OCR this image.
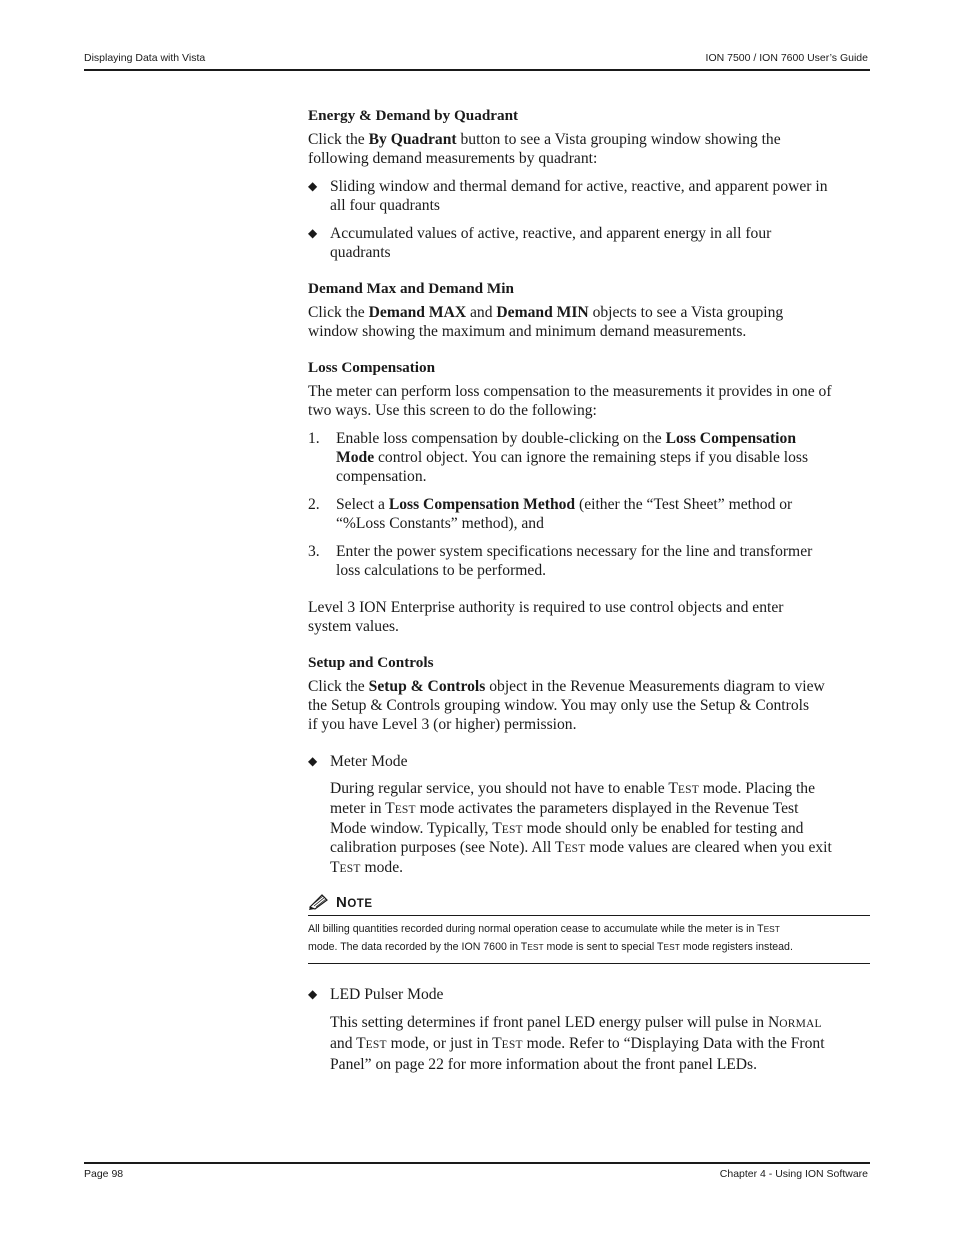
Displaying Data with Vista	ION 7500 / ION 7600 User’s Guide
Energy & Demand by Quadrant

Click the By Quadrant button to see a Vista grouping window showing the
following demand measurements by quadrant:

◆ Sliding window and thermal demand for active, reactive, and apparent power in
all four quadrants
◆ Accumulated values of active, reactive, and apparent energy in all four
quadrants
Demand Max and Demand Min

Click the Demand MAX and Demand MIN objects to see a Vista grouping
window showing the maximum and minimum demand measurements.

Loss Compensation

The meter can perform loss compensation to the measurements it provides in one of
two ways. Use this screen to do the following:

1. Enable loss compensation by double-clicking on the Loss Compensation
Mode control object. You can ignore the remaining steps if you disable loss
compensation.
2. Select a Loss Compensation Method (either the “Test Sheet” method or
“%Loss Constants” method), and
3. Enter the power system specifications necessary for the line and transformer
loss calculations to be performed.

Level 3 ION Enterprise authority is required to use control objects and enter
system values.

Setup and Controls

Click the Setup & Controls object in the Revenue Measurements diagram to view
the Setup & Controls grouping window. You may only use the Setup & Controls
if you have Level 3 (or higher) permission.

◆ Meter Mode

During regular service, you should not have to enable TEST mode. Placing the
meter in TEST mode activates the parameters displayed in the Revenue Test
Mode window. Typically, TEST mode should only be enabled for testing and
calibration purposes (see Note). All TEST mode values are cleared when you exit
TEST mode.

NOTE
All billing quantities recorded during normal operation cease to accumulate while the meter is in TEST
mode. The data recorded by the ION 7600 in TEST mode is sent to special TEST mode registers instead.
◆ LED Pulser Mode

This setting determines if front panel LED energy pulser will pulse in NORMAL
and TEST mode, or just in TEST mode. Refer to “Displaying Data with the Front
Panel” on page 22 for more information about the front panel LEDs.

Page 98	Chapter 4 - Using ION Software
